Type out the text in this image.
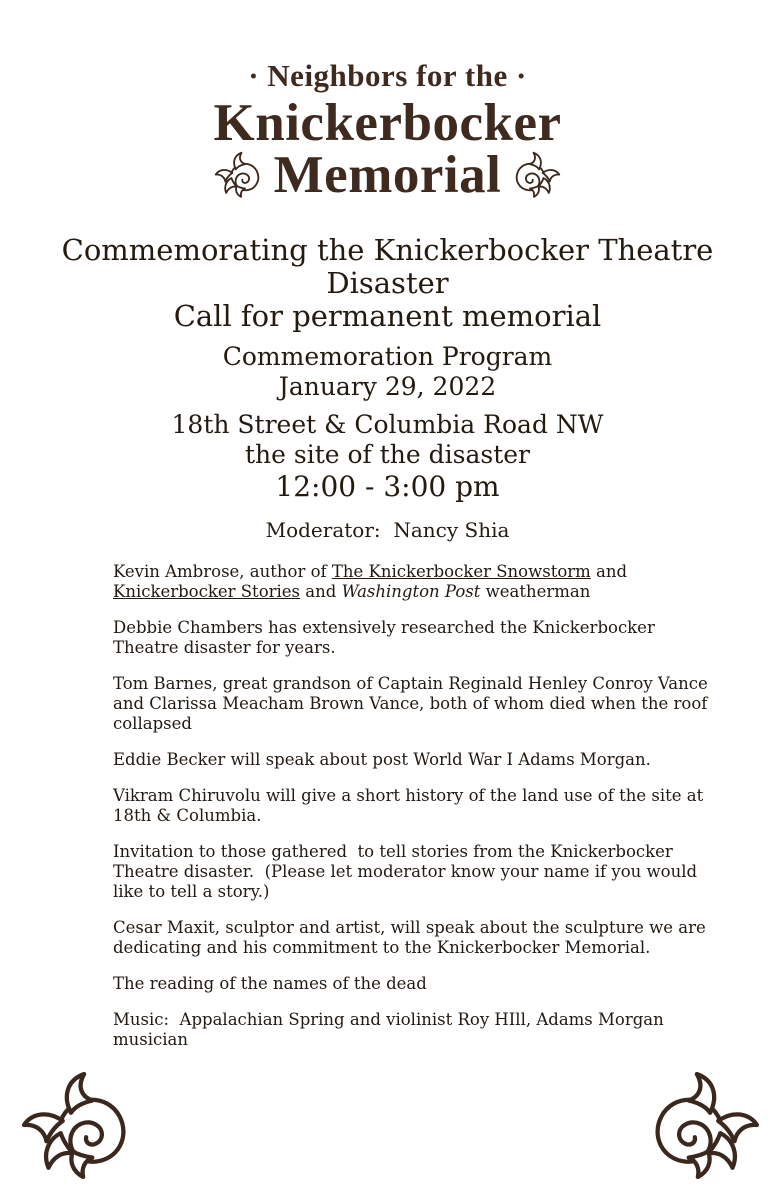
· Neighbors for the ·
Knickerbocker
Memorial
Commemorating the Knickerbocker Theatre Disaster
Call for permanent memorial
Commemoration Program
January 29, 2022
18th Street & Columbia Road NW
the site of the disaster
12:00 - 3:00 pm
Moderator:  Nancy Shia

Kevin Ambrose, author of The Knickerbocker Snowstorm and Knickerbocker Stories and Washington Post weatherman

Debbie Chambers has extensively researched the Knickerbocker Theatre disaster for years.

Tom Barnes, great grandson of Captain Reginald Henley Conroy Vance and Clarissa Meacham Brown Vance, both of whom died when the roof collapsed

Eddie Becker will speak about post World War I Adams Morgan.

Vikram Chiruvolu will give a short history of the land use of the site at 18th & Columbia.

Invitation to those gathered  to tell stories from the Knickerbocker Theatre disaster.  (Please let moderator know your name if you would like to tell a story.)

Cesar Maxit, sculptor and artist, will speak about the sculpture we are dedicating and his commitment to the Knickerbocker Memorial.

The reading of the names of the dead

Music:  Appalachian Spring and violinist Roy HIll, Adams Morgan musician
